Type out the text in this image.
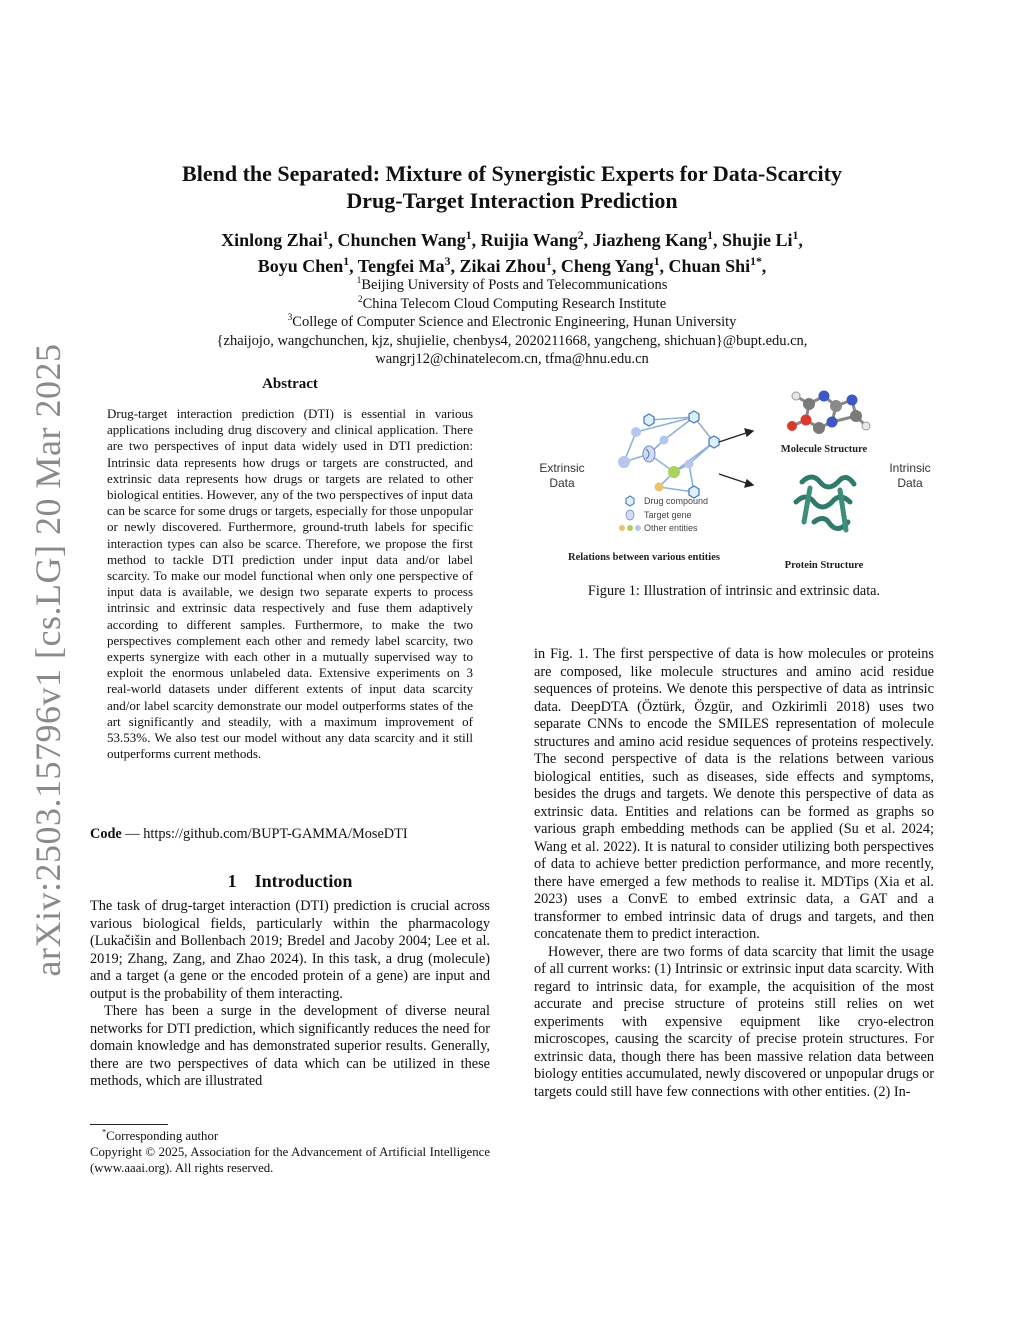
arXiv:2503.15796v1 [cs.LG] 20 Mar 2025
Blend the Separated: Mixture of Synergistic Experts for Data-Scarcity
Drug-Target Interaction Prediction
Xinlong Zhai$^1$, Chunchen Wang$^1$, Ruijia Wang$^2$, Jiazheng Kang$^1$, Shujie Li$^1$,
Boyu Chen$^1$, Tengfei Ma$^3$, Zikai Zhou$^1$, Cheng Yang$^1$, Chuan Shi$^{1*}$,
$^1$Beijing University of Posts and Telecommunications
$^2$China Telecom Cloud Computing Research Institute
$^3$College of Computer Science and Electronic Engineering, Hunan University
{zhaijojo, wangchunchen, kjz, shujielie, chenbys4, 2020211668, yangcheng, shichuan}@bupt.edu.cn,
wangrj12@chinatelecom.cn, tfma@hnu.edu.cn
Abstract
Drug-target interaction prediction (DTI) is essential in various applications including drug discovery and clinical application. There are two perspectives of input data widely used in DTI prediction: Intrinsic data represents how drugs or targets are constructed, and extrinsic data represents how drugs or targets are related to other biological entities. However, any of the two perspectives of input data can be scarce for some drugs or targets, especially for those unpopular or newly discovered. Furthermore, ground-truth labels for specific interaction types can also be scarce. Therefore, we propose the first method to tackle DTI prediction under input data and/or label scarcity. To make our model functional when only one perspective of input data is available, we design two separate experts to process intrinsic and extrinsic data respectively and fuse them adaptively according to different samples. Furthermore, to make the two perspectives complement each other and remedy label scarcity, two experts synergize with each other in a mutually supervised way to exploit the enormous unlabeled data. Extensive experiments on 3 real-world datasets under different extents of input data scarcity and/or label scarcity demonstrate our model outperforms states of the art significantly and steadily, with a maximum improvement of 53.53%. We also test our model without any data scarcity and it still outperforms current methods.
Code — https://github.com/BUPT-GAMMA/MoseDTI
1 Introduction

The task of drug-target interaction (DTI) prediction is crucial across various biological fields, particularly within the pharmacology (Lukačišin and Bollenbach 2019; Bredel and Jacoby 2004; Lee et al. 2019; Zhang, Zang, and Zhao 2024). In this task, a drug (molecule) and a target (a gene or the encoded protein of a gene) are input and output is the probability of them interacting.

There has been a surge in the development of diverse neural networks for DTI prediction, which significantly reduces the need for domain knowledge and has demonstrated superior results. Generally, there are two perspectives of data which can be utilized in these methods, which are illustrated

*Corresponding author
Copyright © 2025, Association for the Advancement of Artificial Intelligence (www.aaai.org). All rights reserved.
Extrinsic
Data
Intrinsic
Data
Drug compound
Target gene
Other entities
Relations between various entities
Molecule Structure
Protein Structure
Figure 1: Illustration of intrinsic and extrinsic data.

in Fig. 1. The first perspective of data is how molecules or proteins are composed, like molecule structures and amino acid residue sequences of proteins. We denote this perspective of data as intrinsic data. DeepDTA (Öztürk, Özgür, and Ozkirimli 2018) uses two separate CNNs to encode the SMILES representation of molecule structures and amino acid residue sequences of proteins respectively. The second perspective of data is the relations between various biological entities, such as diseases, side effects and symptoms, besides the drugs and targets. We denote this perspective of data as extrinsic data. Entities and relations can be formed as graphs so various graph embedding methods can be applied (Su et al. 2024; Wang et al. 2022). It is natural to consider utilizing both perspectives of data to achieve better prediction performance, and more recently, there have emerged a few methods to realise it. MDTips (Xia et al. 2023) uses a ConvE to embed extrinsic data, a GAT and a transformer to embed intrinsic data of drugs and targets, and then concatenate them to predict interaction.

However, there are two forms of data scarcity that limit the usage of all current works: (1) Intrinsic or extrinsic input data scarcity. With regard to intrinsic data, for example, the acquisition of the most accurate and precise structure of proteins still relies on wet experiments with expensive equipment like cryo-electron microscopes, causing the scarcity of precise protein structures. For extrinsic data, though there has been massive relation data between biology entities accumulated, newly discovered or unpopular drugs or targets could still have few connections with other entities. (2) In-
